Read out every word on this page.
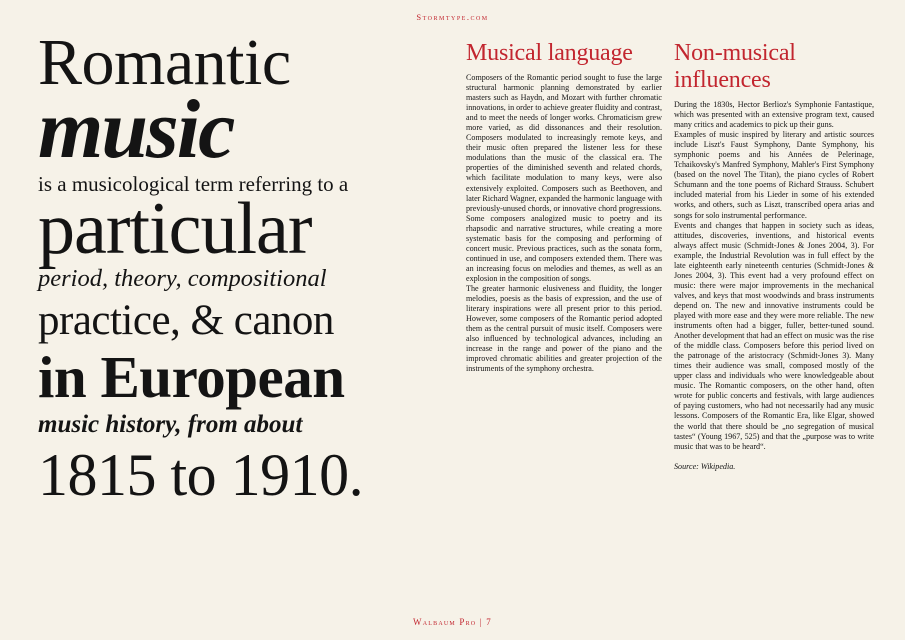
Stormtype.com
Romantic
music
is a musicological term referring to a
particular
period, theory, compositional
practice, & canon
in European
music history, from about
1815 to 1910.
Musical language

Composers of the Romantic period sought to fuse the large structural harmonic planning demonstrated by earlier masters such as Haydn, and Mozart with further chromatic innovations, in order to achieve greater fluidity and contrast, and to meet the needs of longer works. Chromaticism grew more varied, as did dissonances and their resolution. Composers modulated to increasingly remote keys, and their music often prepared the listener less for these modulations than the music of the classical era. The properties of the diminished seventh and related chords, which facilitate modulation to many keys, were also extensively exploited. Composers such as Beethoven, and later Richard Wagner, expanded the harmonic language with previously-unused chords, or innovative chord progressions.

Some composers analogized music to poetry and its rhapsodic and narrative structures, while creating a more systematic basis for the composing and performing of concert music. Previous practices, such as the sonata form, continued in use, and composers extended them. There was an increasing focus on melodies and themes, as well as an explosion in the composition of songs.

The greater harmonic elusiveness and fluidity, the longer melodies, poesis as the basis of expression, and the use of literary inspirations were all present prior to this period. However, some composers of the Romantic period adopted them as the central pursuit of music itself. Composers were also influenced by technological advances, including an increase in the range and power of the piano and the improved chromatic abilities and greater projection of the instruments of the symphony orchestra.

Non-musical influences

During the 1830s, Hector Berlioz's Symphonie Fantastique, which was presented with an extensive program text, caused many critics and academics to pick up their guns.

Examples of music inspired by literary and artistic sources include Liszt's Faust Symphony, Dante Symphony, his symphonic poems and his Années de Pelerinage, Tchaikovsky's Manfred Symphony, Mahler's First Symphony (based on the novel The Titan), the piano cycles of Robert Schumann and the tone poems of Richard Strauss. Schubert included material from his Lieder in some of his extended works, and others, such as Liszt, transcribed opera arias and songs for solo instrumental performance.

Events and changes that happen in society such as ideas, attitudes, discoveries, inventions, and historical events always affect music (Schmidt-Jones & Jones 2004, 3). For example, the Industrial Revolution was in full effect by the late eighteenth early nineteenth centuries (Schmidt-Jones & Jones 2004, 3). This event had a very profound effect on music: there were major improvements in the mechanical valves, and keys that most woodwinds and brass instruments depend on. The new and innovative instruments could be played with more ease and they were more reliable. The new instruments often had a bigger, fuller, better-tuned sound. Another development that had an effect on music was the rise of the middle class. Composers before this period lived on the patronage of the aristocracy (Schmidt-Jones 3). Many times their audience was small, composed mostly of the upper class and individuals who were knowledgeable about music. The Romantic composers, on the other hand, often wrote for public concerts and festivals, with large audiences of paying customers, who had not necessarily had any music lessons. Composers of the Romantic Era, like Elgar, showed the world that there should be „no segregation of musical tastes“ (Young 1967, 525) and that the „purpose was to write music that was to be heard“.

Source: Wikipedia.

Walbaum Pro | 7
